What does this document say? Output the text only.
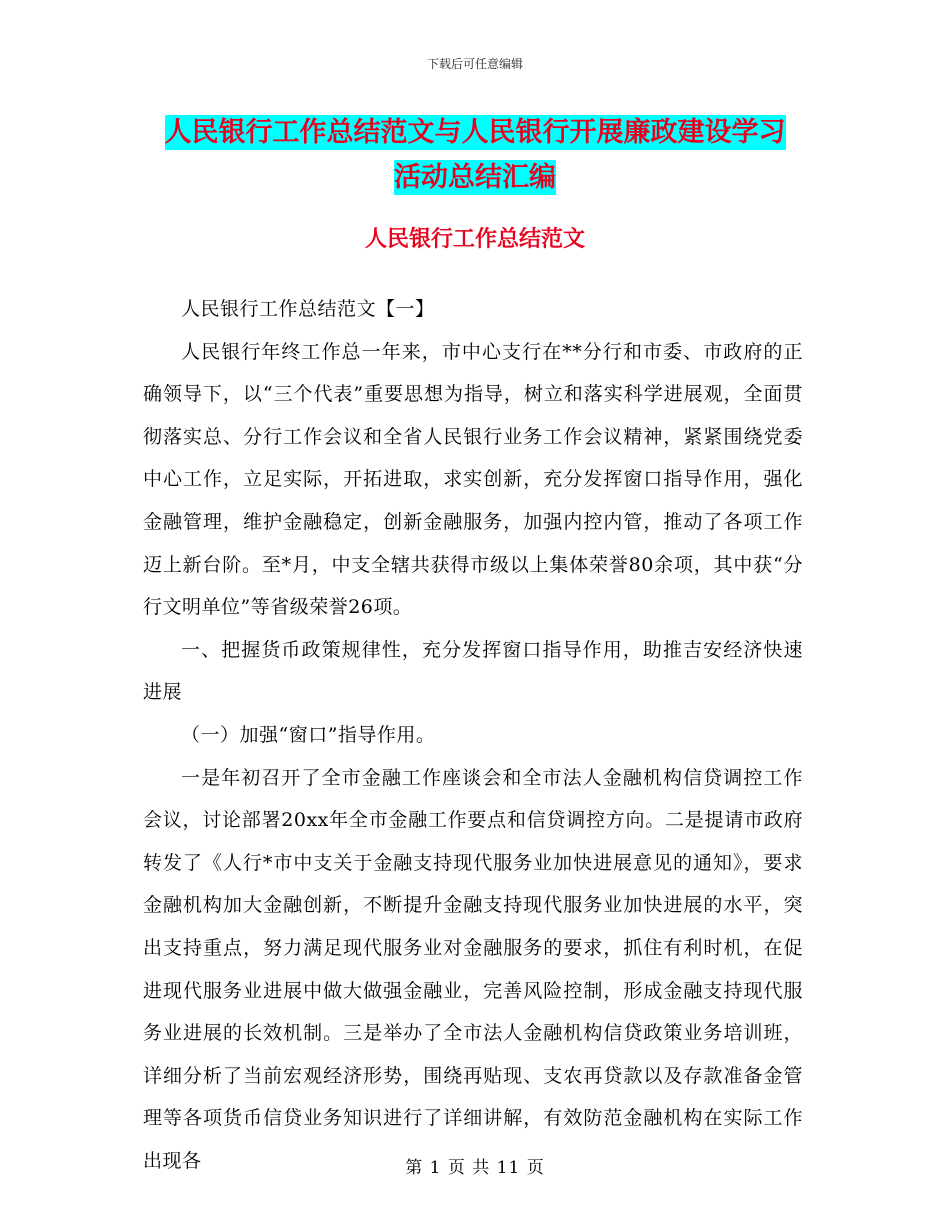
下载后可任意编辑
人民银行工作总结范文与人民银行开展廉政建设学习
活动总结汇编
人民银行工作总结范文

人民银行工作总结范文【一】

人民银行年终工作总一年来，市中心支行在**分行和市委、市政府的正确领导下，以“三个代表”重要思想为指导，树立和落实科学进展观，全面贯彻落实总、分行工作会议和全省人民银行业务工作会议精神，紧紧围绕党委中心工作，立足实际，开拓进取，求实创新，充分发挥窗口指导作用，强化金融管理，维护金融稳定，创新金融服务，加强内控内管，推动了各项工作迈上新台阶。至*月，中支全辖共获得市级以上集体荣誉80余项，其中获“分行文明单位”等省级荣誉26项。

一、把握货币政策规律性，充分发挥窗口指导作用，助推吉安经济快速进展

（一）加强“窗口”指导作用。

一是年初召开了全市金融工作座谈会和全市法人金融机构信贷调控工作会议，讨论部署20xx年全市金融工作要点和信贷调控方向。二是提请市政府转发了《人行*市中支关于金融支持现代服务业加快进展意见的通知》，要求金融机构加大金融创新，不断提升金融支持现代服务业加快进展的水平，突出支持重点，努力满足现代服务业对金融服务的要求，抓住有利时机，在促进现代服务业进展中做大做强金融业，完善风险控制，形成金融支持现代服务业进展的长效机制。三是举办了全市法人金融机构信贷政策业务培训班，详细分析了当前宏观经济形势，围绕再贴现、支农再贷款以及存款准备金管理等各项货币信贷业务知识进行了详细讲解，有效防范金融机构在实际工作出现各	第 1 页 共 11 页
